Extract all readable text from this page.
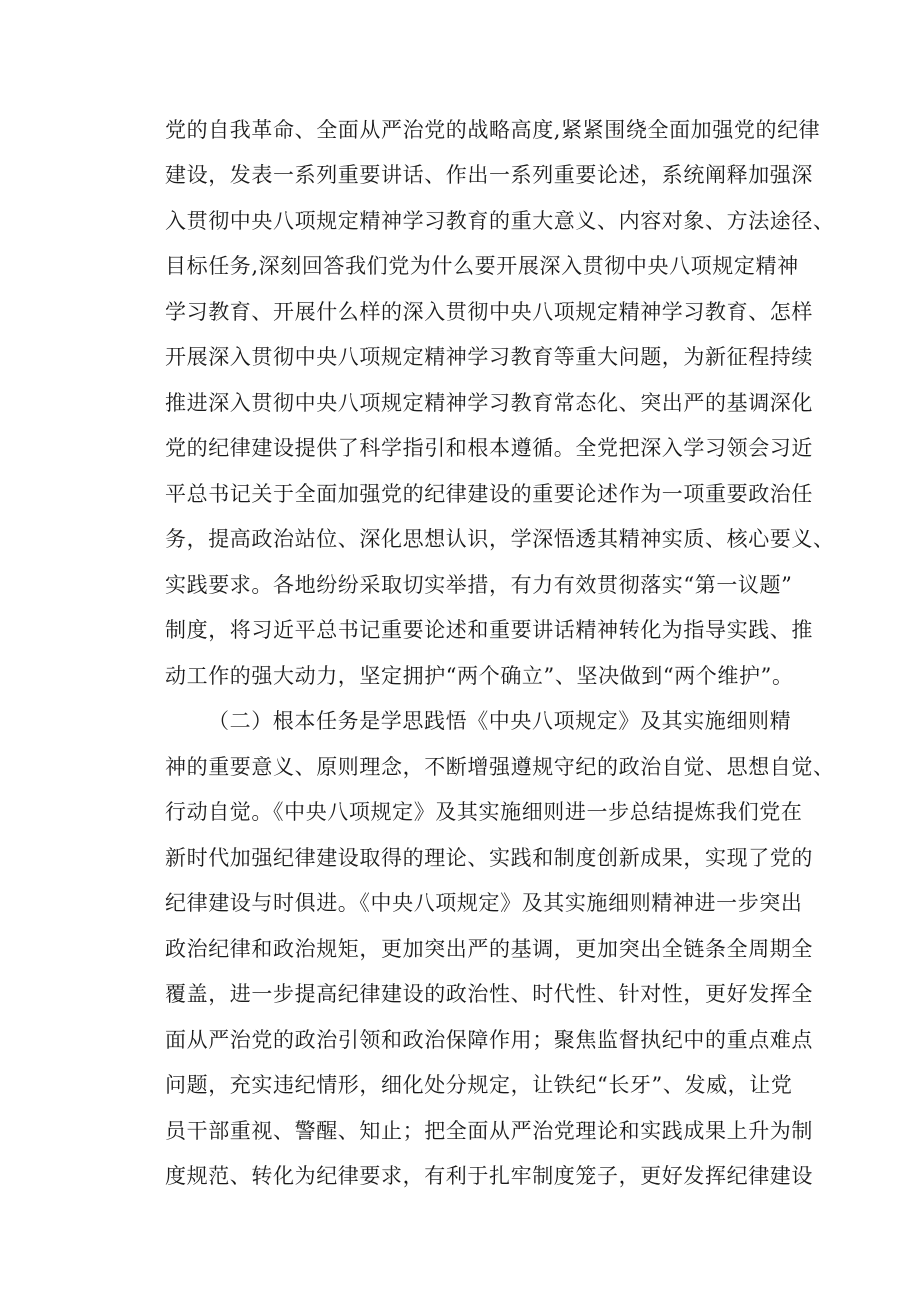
党的自我革命、全面从严治党的战略高度,紧紧围绕全面加强党的纪律
建设，发表一系列重要讲话、作出一系列重要论述，系统阐释加强深
入贯彻中央八项规定精神学习教育的重大意义、内容对象、方法途径、
目标任务,深刻回答我们党为什么要开展深入贯彻中央八项规定精神
学习教育、开展什么样的深入贯彻中央八项规定精神学习教育、怎样
开展深入贯彻中央八项规定精神学习教育等重大问题，为新征程持续
推进深入贯彻中央八项规定精神学习教育常态化、突出严的基调深化
党的纪律建设提供了科学指引和根本遵循。全党把深入学习领会习近
平总书记关于全面加强党的纪律建设的重要论述作为一项重要政治任
务，提高政治站位、深化思想认识，学深悟透其精神实质、核心要义、
实践要求。各地纷纷采取切实举措，有力有效贯彻落实“第一议题”
制度，将习近平总书记重要论述和重要讲话精神转化为指导实践、推
动工作的强大动力，坚定拥护“两个确立”、坚决做到“两个维护”。
（二）根本任务是学思践悟《中央八项规定》及其实施细则精
神的重要意义、原则理念，不断增强遵规守纪的政治自觉、思想自觉、
行动自觉。《中央八项规定》及其实施细则进一步总结提炼我们党在
新时代加强纪律建设取得的理论、实践和制度创新成果，实现了党的
纪律建设与时俱进。《中央八项规定》及其实施细则精神进一步突出
政治纪律和政治规矩，更加突出严的基调，更加突出全链条全周期全
覆盖，进一步提高纪律建设的政治性、时代性、针对性，更好发挥全
面从严治党的政治引领和政治保障作用；聚焦监督执纪中的重点难点
问题，充实违纪情形，细化处分规定，让铁纪“长牙”、发威，让党
员干部重视、警醒、知止；把全面从严治党理论和实践成果上升为制
度规范、转化为纪律要求，有利于扎牢制度笼子，更好发挥纪律建设
